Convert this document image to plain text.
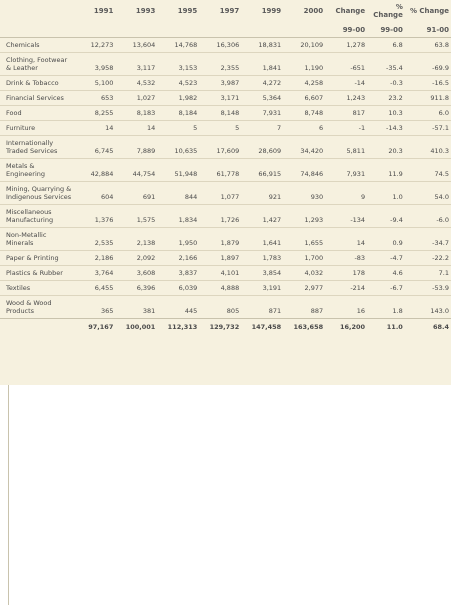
	1991	1993	1995	1997	1999	2000	Change	% Change	% Change
							99-00	99-00	91-00
Chemicals	12,273	13,604	14,768	16,306	18,831	20,109	1,278	6.8	63.8
Clothing, Footwear & Leather	3,958	3,117	3,153	2,355	1,841	1,190	-651	-35.4	-69.9
Drink & Tobacco	5,100	4,532	4,523	3,987	4,272	4,258	-14	-0.3	-16.5
Financial Services	653	1,027	1,982	3,171	5,364	6,607	1,243	23.2	911.8
Food	8,255	8,183	8,184	8,148	7,931	8,748	817	10.3	6.0
Furniture	14	14	5	5	7	6	-1	-14.3	-57.1
Internationally Traded Services	6,745	7,889	10,635	17,609	28,609	34,420	5,811	20.3	410.3
Metals & Engineering	42,884	44,754	51,948	61,778	66,915	74,846	7,931	11.9	74.5
Mining, Quarrying & Indigenous Services	604	691	844	1,077	921	930	9	1.0	54.0
Miscellaneous Manufacturing	1,376	1,575	1,834	1,726	1,427	1,293	-134	-9.4	-6.0
Non-Metallic Minerals	2,535	2,138	1,950	1,879	1,641	1,655	14	0.9	-34.7
Paper & Printing	2,186	2,092	2,166	1,897	1,783	1,700	-83	-4.7	-22.2
Plastics & Rubber	3,764	3,608	3,837	4,101	3,854	4,032	178	4.6	7.1
Textiles	6,455	6,396	6,039	4,888	3,191	2,977	-214	-6.7	-53.9
Wood & Wood Products	365	381	445	805	871	887	16	1.8	143.0
	97,167	100,001	112,313	129,732	147,458	163,658	16,200	11.0	68.4
